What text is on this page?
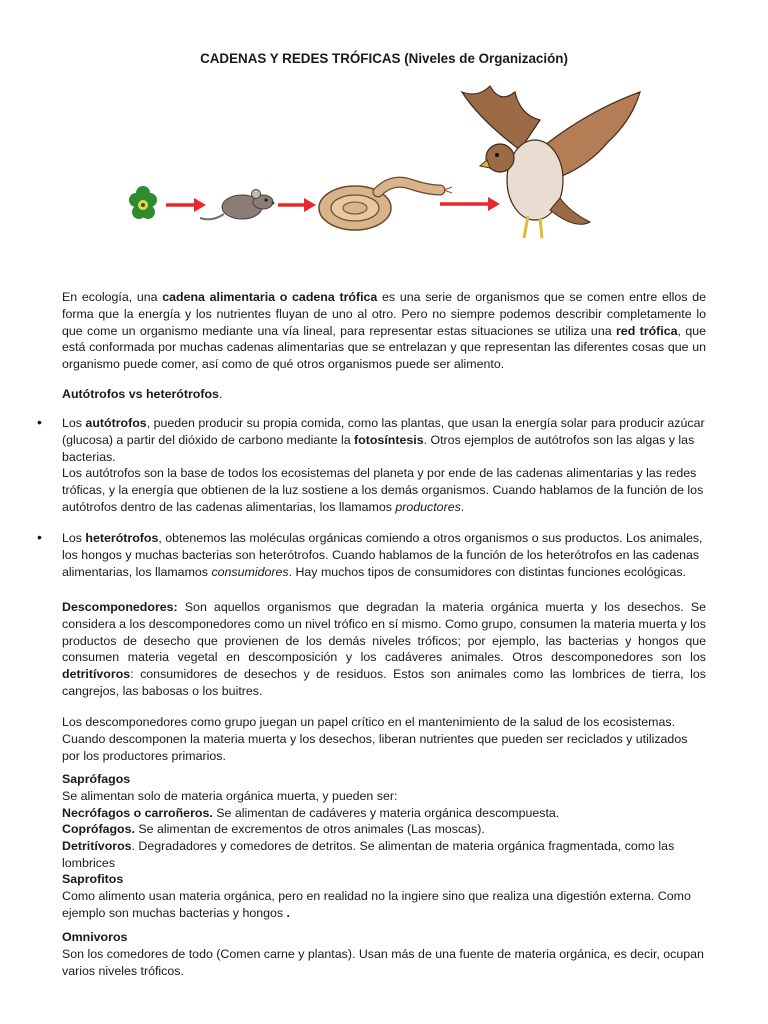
CADENAS Y REDES TRÓFICAS (Niveles de Organización)

En ecología, una cadena alimentaria o cadena trófica es una serie de organismos que se comen entre ellos de forma que la energía y los nutrientes fluyan de uno al otro. Pero no siempre podemos describir completamente lo que come un organismo mediante una vía lineal, para representar estas situaciones se utiliza una red trófica, que está conformada por muchas cadenas alimentarias que se entrelazan y que representan las diferentes cosas que un organismo puede comer, así como de qué otros organismos puede ser alimento.

Autótrofos vs heterótrofos.
• Los autótrofos, pueden producir su propia comida, como las plantas, que usan la energía solar para producir azúcar (glucosa) a partir del dióxido de carbono mediante la fotosíntesis. Otros ejemplos de autótrofos son las algas y las bacterias.

Los autótrofos son la base de todos los ecosistemas del planeta y por ende de las cadenas alimentarias y las redes tróficas, y la energía que obtienen de la luz sostiene a los demás organismos. Cuando hablamos de la función de los autótrofos dentro de las cadenas alimentarias, los llamamos productores.

• Los heterótrofos, obtenemos las moléculas orgánicas comiendo a otros organismos o sus productos. Los animales, los hongos y muchas bacterias son heterótrofos. Cuando hablamos de la función de los heterótrofos en las cadenas alimentarias, los llamamos consumidores. Hay muchos tipos de consumidores con distintas funciones ecológicas.

Descomponedores: Son aquellos organismos que degradan la materia orgánica muerta y los desechos. Se considera a los descomponedores como un nivel trófico en sí mismo. Como grupo, consumen la materia muerta y los productos de desecho que provienen de los demás niveles tróficos; por ejemplo, las bacterias y hongos que consumen materia vegetal en descomposición y los cadáveres animales. Otros descomponedores son los detritívoros: consumidores de desechos y de residuos. Estos son animales como las lombrices de tierra, los cangrejos, las babosas o los buitres.

Los descomponedores como grupo juegan un papel crítico en el mantenimiento de la salud de los ecosistemas. Cuando descomponen la materia muerta y los desechos, liberan nutrientes que pueden ser reciclados y utilizados por los productores primarios.

Saprófagos

Se alimentan solo de materia orgánica muerta, y pueden ser:

Necrófagos o carroñeros. Se alimentan de cadáveres y materia orgánica descompuesta.

Coprófagos. Se alimentan de excrementos de otros animales (Las moscas).

Detritívoros. Degradadores y comedores de detritos. Se alimentan de materia orgánica fragmentada, como las lombrices

Saprofitos

Como alimento usan materia orgánica, pero en realidad no la ingiere sino que realiza una digestión externa. Como ejemplo son muchas bacterias y hongos .

Omnivoros

Son los comedores de todo (Comen carne y plantas). Usan más de una fuente de materia orgánica, es decir, ocupan varios niveles tróficos.
